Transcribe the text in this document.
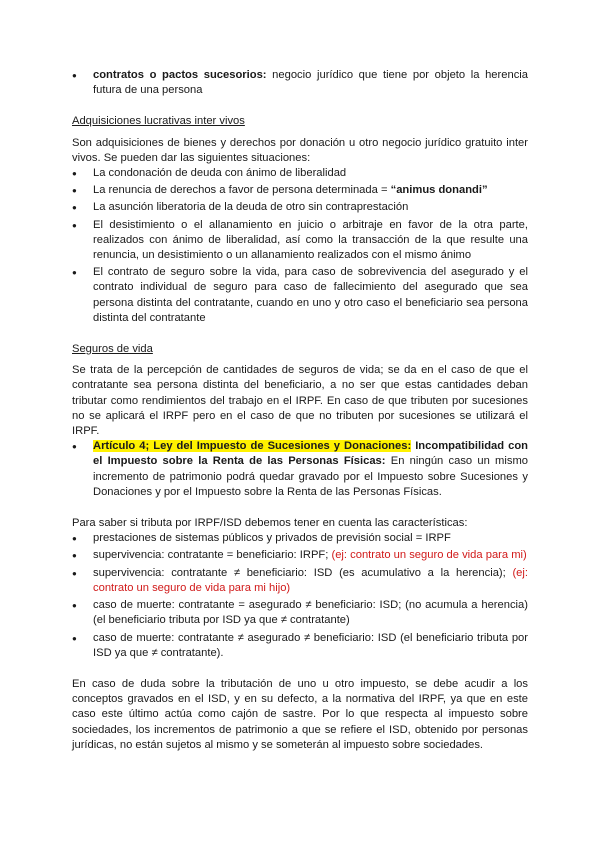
● contratos o pactos sucesorios: negocio jurídico que tiene por objeto la herencia futura de una persona

Adquisiciones lucrativas inter vivos

Son adquisiciones de bienes y derechos por donación u otro negocio jurídico gratuito inter vivos. Se pueden dar las siguientes situaciones:

● La condonación de deuda con ánimo de liberalidad
● La renuncia de derechos a favor de persona determinada = “animus donandi”
● La asunción liberatoria de la deuda de otro sin contraprestación
● El desistimiento o el allanamiento en juicio o arbitraje en favor de la otra parte, realizados con ánimo de liberalidad, así como la transacción de la que resulte una renuncia, un desistimiento o un allanamiento realizados con el mismo ánimo
● El contrato de seguro sobre la vida, para caso de sobrevivencia del asegurado y el contrato individual de seguro para caso de fallecimiento del asegurado que sea persona distinta del contratante, cuando en uno y otro caso el beneficiario sea persona distinta del contratante

Seguros de vida

Se trata de la percepción de cantidades de seguros de vida; se da en el caso de que el contratante sea persona distinta del beneficiario, a no ser que estas cantidades deban tributar como rendimientos del trabajo en el IRPF. En caso de que tributen por sucesiones no se aplicará el IRPF pero en el caso de que no tributen por sucesiones se utilizará el IRPF.

● Artículo 4; Ley del Impuesto de Sucesiones y Donaciones: Incompatibilidad con el Impuesto sobre la Renta de las Personas Físicas: En ningún caso un mismo incremento de patrimonio podrá quedar gravado por el Impuesto sobre Sucesiones y Donaciones y por el Impuesto sobre la Renta de las Personas Físicas.

Para saber si tributa por IRPF/ISD debemos tener en cuenta las características:

● prestaciones de sistemas públicos y privados de previsión social = IRPF
● supervivencia: contratante = beneficiario: IRPF; (ej: contrato un seguro de vida para mi)
● supervivencia: contratante ≠ beneficiario: ISD (es acumulativo a la herencia); (ej: contrato un seguro de vida para mi hijo)
● caso de muerte: contratante = asegurado ≠ beneficiario: ISD; (no acumula a herencia) (el beneficiario tributa por ISD ya que ≠ contratante)
● caso de muerte: contratante ≠ asegurado ≠ beneficiario: ISD (el beneficiario tributa por ISD ya que ≠ contratante).

En caso de duda sobre la tributación de uno u otro impuesto, se debe acudir a los conceptos gravados en el ISD, y en su defecto, a la normativa del IRPF, ya que en este caso este último actúa como cajón de sastre. Por lo que respecta al impuesto sobre sociedades, los incrementos de patrimonio a que se refiere el ISD, obtenido por personas jurídicas, no están sujetos al mismo y se someterán al impuesto sobre sociedades.
